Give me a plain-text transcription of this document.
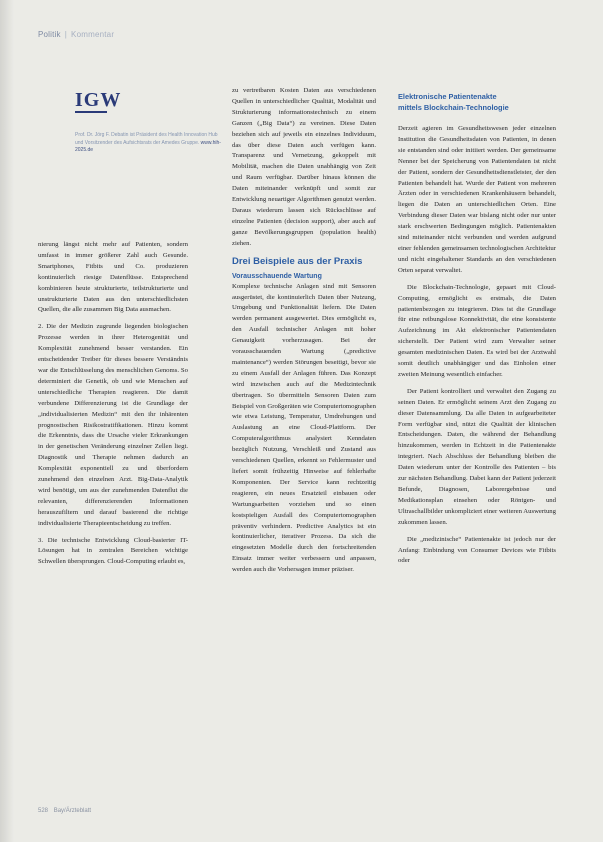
Politik | Kommentar
IGW
Prof. Dr. Jörg F. Debatin ist Präsident des Health Innovation Hub und Vorsitzender des Aufsichtsrats der Amedes Gruppe. www.hih-2025.de

nierung längst nicht mehr auf Patienten, sondern umfasst in immer größerer Zahl auch Gesunde. Smartphones, Fitbits und Co. produzieren kontinuierlich riesige Datenflüsse. Entsprechend kombinieren heute strukturierte, teilstrukturierte und unstrukturierte Daten aus den unterschiedlichsten Quellen, die alle zusammen Big Data ausmachen.

2. Die der Medizin zugrunde liegenden biologischen Prozesse werden in ihrer Heterogenität und Komplexität zunehmend besser verstanden. Ein entscheidender Treiber für dieses bessere Verständnis war die Entschlüsselung des menschlichen Genoms. So determiniert die Genetik, ob und wie Menschen auf unterschiedliche Therapien reagieren. Die damit verbundene Differenzierung ist die Grundlage der „individualisierten Medizin“ mit den ihr inhärenten prognostischen Risikostratifikationen. Hinzu kommt die Erkenntnis, dass die Ursache vieler Erkrankungen in der genetischen Veränderung einzelner Zellen liegt. Diagnostik und Therapie nehmen dadurch an Komplexität exponentiell zu und überfordern zunehmend den einzelnen Arzt. Big-Data-Analytik wird benötigt, um aus der zunehmenden Datenflut die relevanten, differenzierenden Informationen herauszufiltern und darauf basierend die richtige individualisierte Therapieentscheidung zu treffen.

3. Die technische Entwicklung Cloud-basierter IT-Lösungen hat in zentralen Bereichen wichtige Schwellen übersprungen. Cloud-Computing erlaubt es,

zu vertretbaren Kosten Daten aus verschiedenen Quellen in unterschiedlicher Qualität, Modalität und Strukturierung informationstechnisch zu einem Ganzen („Big Data“) zu vereinen. Diese Daten beziehen sich auf jeweils ein einzelnes Individuum, das über diese Daten auch verfügen kann. Transparenz und Vernetzung, gekoppelt mit Mobilität, machen die Daten unabhängig von Zeit und Raum verfügbar. Darüber hinaus können die Daten miteinander verknüpft und somit zur Entwicklung neuartiger Algorithmen genutzt werden. Daraus wiederum lassen sich Rückschlüsse auf einzelne Patienten (decision support), aber auch auf ganze Bevölkerungsgruppen (population health) ziehen.

Drei Beispiele aus der Praxis
Vorausschauende Wartung

Komplexe technische Anlagen sind mit Sensoren ausgerüstet, die kontinuierlich Daten über Nutzung, Umgebung und Funktionalität liefern. Die Daten werden permanent ausgewertet. Dies ermöglicht es, den Ausfall technischer Anlagen mit hoher Genauigkeit vorherzusagen. Bei der vorausschauenden Wartung („predictive maintenance“) werden Störungen beseitigt, bevor sie zu einem Ausfall der Anlagen führen. Das Konzept wird inzwischen auch auf die Medizintechnik übertragen. So übermitteln Sensoren Daten zum Beispiel von Großgeräten wie Computertomographen wie etwa Leistung, Temperatur, Umdrehungen und Auslastung an eine Cloud-Plattform. Der Computeralgorithmus analysiert Kenndaten bezüglich Nutzung, Verschleiß und Zustand aus verschiedenen Quellen, erkennt so Fehlermuster und liefert somit frühzeitig Hinweise auf fehlerhafte Komponenten. Der Service kann rechtzeitig reagieren, ein neues Ersatzteil einbauen oder Wartungsarbeiten vorziehen und so einen kostspieligen Ausfall des Computertomographen präventiv verhindern. Predictive Analytics ist ein kontinuierlicher, iterativer Prozess. Da sich die eingesetzten Modelle durch den fortschreitenden Einsatz immer weiter verbessern und anpassen, werden auch die Vorhersagen immer präziser.

Elektronische Patientenakte
mittels Blockchain-Technologie

Derzeit agieren im Gesundheitswesen jeder einzelnen Institution die Gesundheitsdaten von Patienten, in denen sie entstanden sind oder initiiert werden. Der gemeinsame Nenner bei der Speicherung von Patientendaten ist nicht der Patient, sondern der Gesundheitsdienstleister, der den Patienten behandelt hat. Wurde der Patient von mehreren Ärzten oder in verschiedenen Krankenhäusern behandelt, liegen die Daten an unterschiedlichen Orten. Eine Verbindung dieser Daten war bislang nicht oder nur unter stark erschwerten Bedingungen möglich. Patientenakten sind miteinander nicht verbunden und werden aufgrund einer fehlenden gemeinsamen technologischen Architektur und nicht eingehaltener Standards an den verschiedenen Orten separat verwaltet.

Die Blockchain-Technologie, gepaart mit Cloud-Computing, ermöglicht es erstmals, die Daten patientenbezogen zu integrieren. Dies ist die Grundlage für eine reibungslose Konnektivität, die eine konsistente Aufzeichnung im Akt elektronischer Patientendaten sicherstellt. Der Patient wird zum Verwalter seiner gesamten medizinischen Daten. Es wird bei der Arztwahl somit deutlich unabhängiger und das Einholen einer zweiten Meinung wesentlich einfacher.

Der Patient kontrolliert und verwaltet den Zugang zu seinen Daten. Er ermöglicht seinem Arzt den Zugang zu dieser Datensammlung. Da alle Daten in aufgearbeiteter Form verfügbar sind, nützt die Qualität der klinischen Entscheidungen. Daten, die während der Behandlung hinzukommen, werden in Echtzeit in die Patientenakte integriert. Nach Abschluss der Behandlung bleiben die Daten wiederum unter der Kontrolle des Patienten – bis zur nächsten Behandlung. Dabei kann der Patient jederzeit Befunde, Diagnosen, Laborergebnisse und Medikationsplan einsehen oder Röntgen- und Ultraschallbilder unkompliziert einer weiteren Auswertung zukommen lassen.

Die „medizinische“ Patientenakte ist jedoch nur der Anfang: Einbindung von Consumer Devices wie Fitbits oder

528 Bay/Ärzteblatt
